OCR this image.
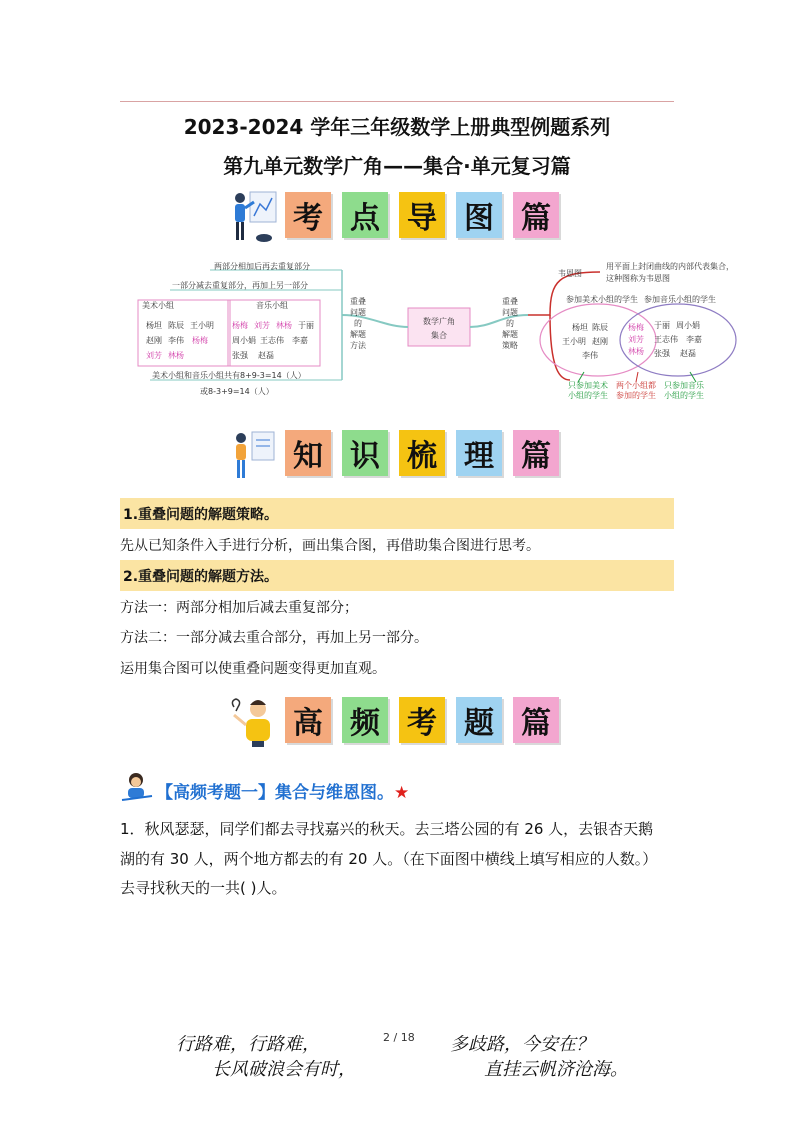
2023-2024 学年三年级数学上册典型例题系列
第九单元数学广角——集合·单元复习篇
考 点 导 图 篇
数学广角
集合
重叠
问题
的
解题
方法
重叠
问题
的
解题
策略
两部分相加后再去重复部分
一部分减去重复部分，再加上另一部分
美术小组
杨坦 陈辰 王小明
赵刚 李伟 杨梅
刘芳 林杨
音乐小组
杨梅 刘芳 林杨 于丽
周小娟 王志伟 李嘉
张强 赵磊
美术小组和音乐小组共有8+9-3=14（人）
或8-3+9=14（人）
韦恩图
用平面上封闭曲线的内部代表集合，
这种图称为韦恩图
参加美术小组的学生 参加音乐小组的学生
杨坦 陈辰
王小明 赵刚
李伟
杨梅
刘芳
林杨
于丽 周小娟
王志伟 李嘉
张强 赵磊
只参加美术
小组的学生
两个小组都
参加的学生
只参加音乐
小组的学生
知 识 梳 理 篇
1.重叠问题的解题策略。
先从已知条件入手进行分析，画出集合图，再借助集合图进行思考。
2.重叠问题的解题方法。
方法一：两部分相加后减去重复部分；
方法二：一部分减去重合部分，再加上另一部分。
运用集合图可以使重叠问题变得更加直观。
高 频 考 题 篇
【高频考题一】集合与维恩图。★
1．秋风瑟瑟，同学们都去寻找嘉兴的秋天。去三塔公园的有 26 人，去银杏天鹅
湖的有 30 人，两个地方都去的有 20 人。（在下面图中横线上填写相应的人数。）
去寻找秋天的一共( )人。
2 / 18
行路难，行路难，	多歧路，今安在？
长风破浪会有时，	直挂云帆济沧海。
